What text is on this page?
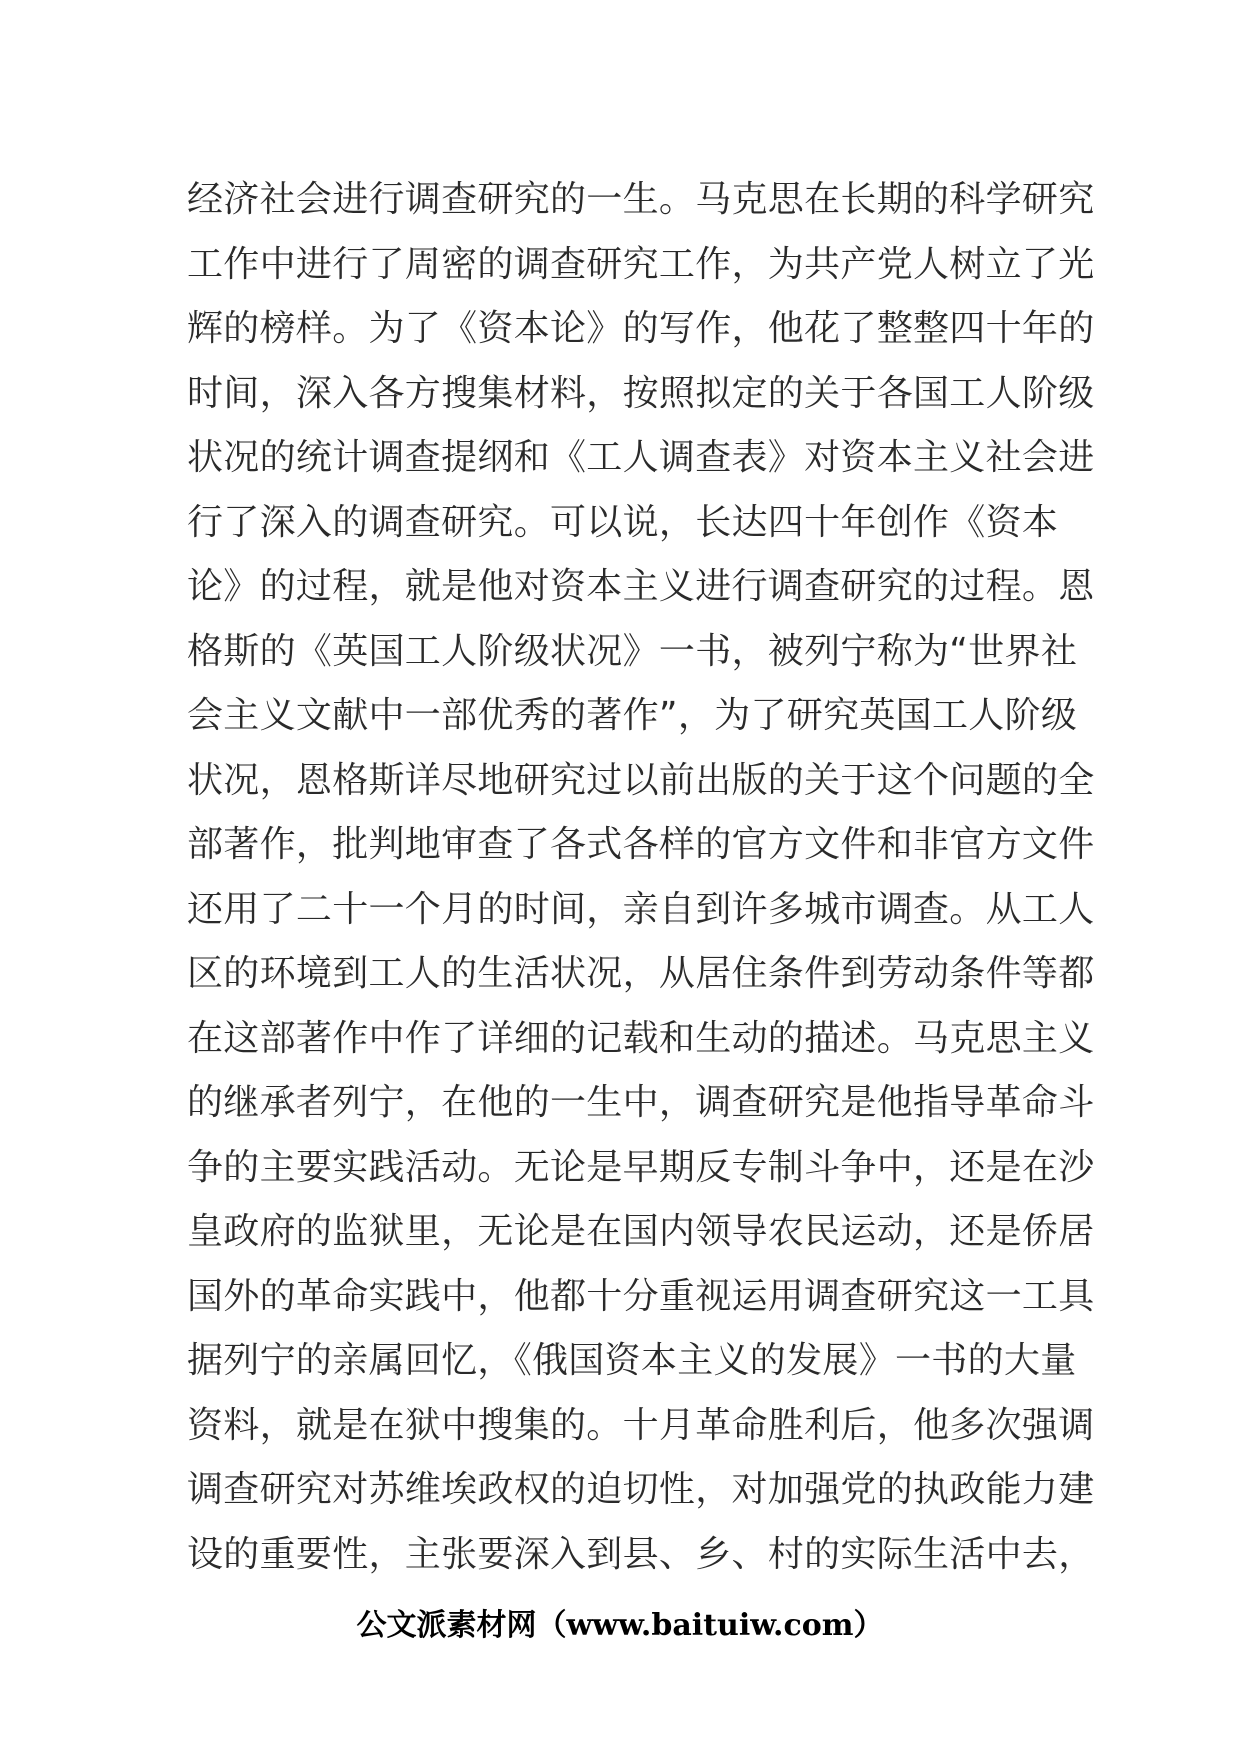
经济社会进行调查研究的一生。马克思在长期的科学研究
工作中进行了周密的调查研究工作，为共产党人树立了光
辉的榜样。为了《资本论》的写作，他花了整整四十年的
时间，深入各方搜集材料，按照拟定的关于各国工人阶级
状况的统计调查提纲和《工人调查表》对资本主义社会进
行了深入的调查研究。可以说，长达四十年创作《资本
论》的过程，就是他对资本主义进行调查研究的过程。恩
格斯的《英国工人阶级状况》一书，被列宁称为“世界社
会主义文献中一部优秀的著作”，为了研究英国工人阶级
状况，恩格斯详尽地研究过以前出版的关于这个问题的全
部著作，批判地审查了各式各样的官方文件和非官方文件
还用了二十一个月的时间，亲自到许多城市调查。从工人
区的环境到工人的生活状况，从居住条件到劳动条件等都
在这部著作中作了详细的记载和生动的描述。马克思主义
的继承者列宁，在他的一生中，调查研究是他指导革命斗
争的主要实践活动。无论是早期反专制斗争中，还是在沙
皇政府的监狱里，无论是在国内领导农民运动，还是侨居
国外的革命实践中，他都十分重视运用调查研究这一工具
据列宁的亲属回忆，《俄国资本主义的发展》一书的大量
资料，就是在狱中搜集的。十月革命胜利后，他多次强调
调查研究对苏维埃政权的迫切性，对加强党的执政能力建
设的重要性，主张要深入到县、乡、村的实际生活中去，
公文派素材网（www.baituiw.com）
